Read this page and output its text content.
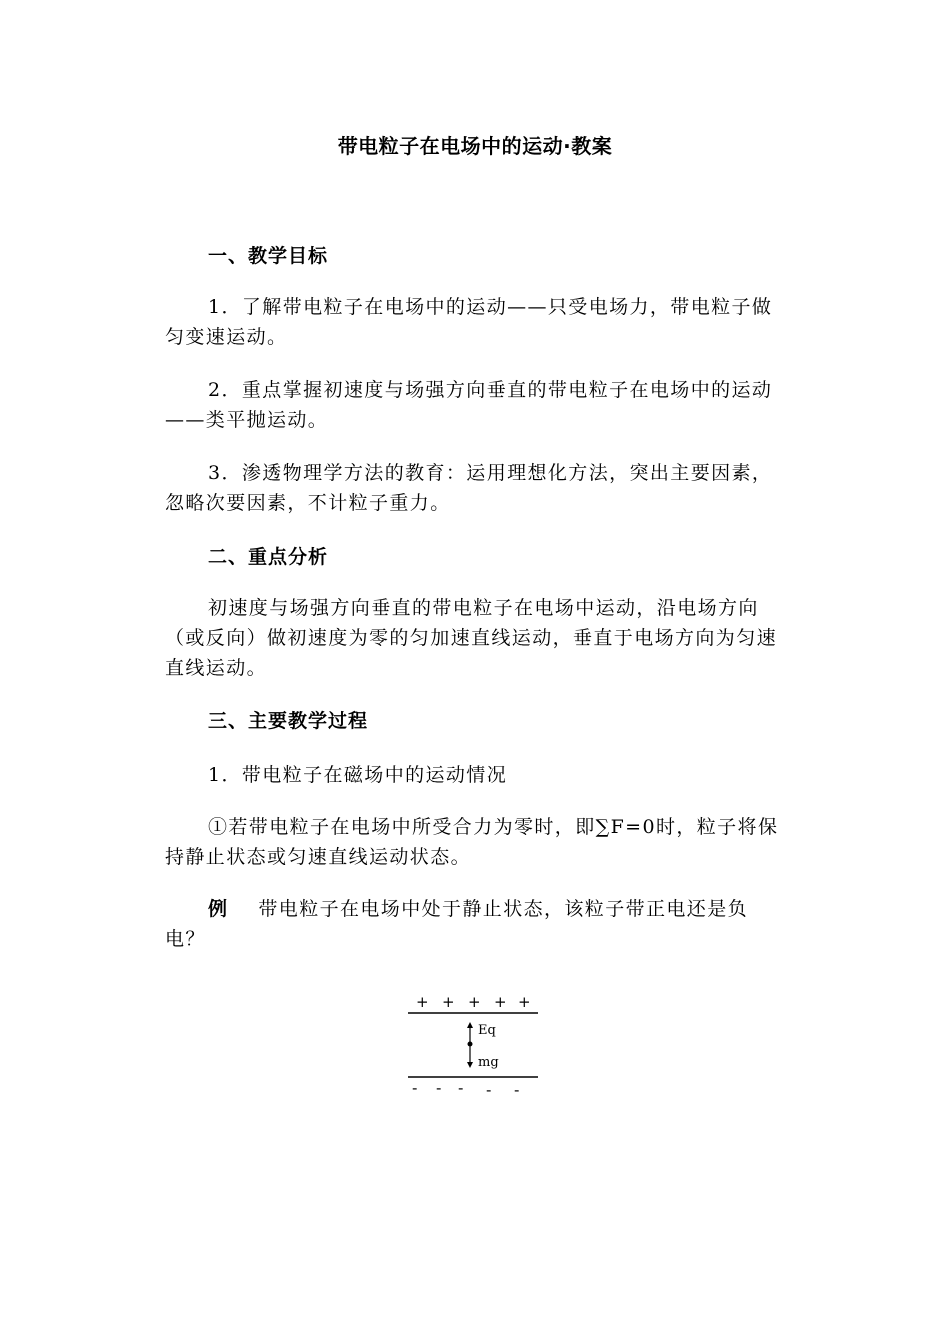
带电粒子在电场中的运动·教案
一、教学目标

1．了解带电粒子在电场中的运动——只受电场力，带电粒子做匀变速运动。

2．重点掌握初速度与场强方向垂直的带电粒子在电场中的运动——类平抛运动。

3．渗透物理学方法的教育：运用理想化方法，突出主要因素，忽略次要因素，不计粒子重力。

二、重点分析

初速度与场强方向垂直的带电粒子在电场中运动，沿电场方向（或反向）做初速度为零的匀加速直线运动，垂直于电场方向为匀速直线运动。

三、主要教学过程
1．带电粒子在磁场中的运动情况

①若带电粒子在电场中所受合力为零时，即∑F=0时，粒子将保持静止状态或匀速直线运动状态。

例 带电粒子在电场中处于静止状态，该粒子带正电还是负电？

+ + + + +
Eq
mg
- - - - -
